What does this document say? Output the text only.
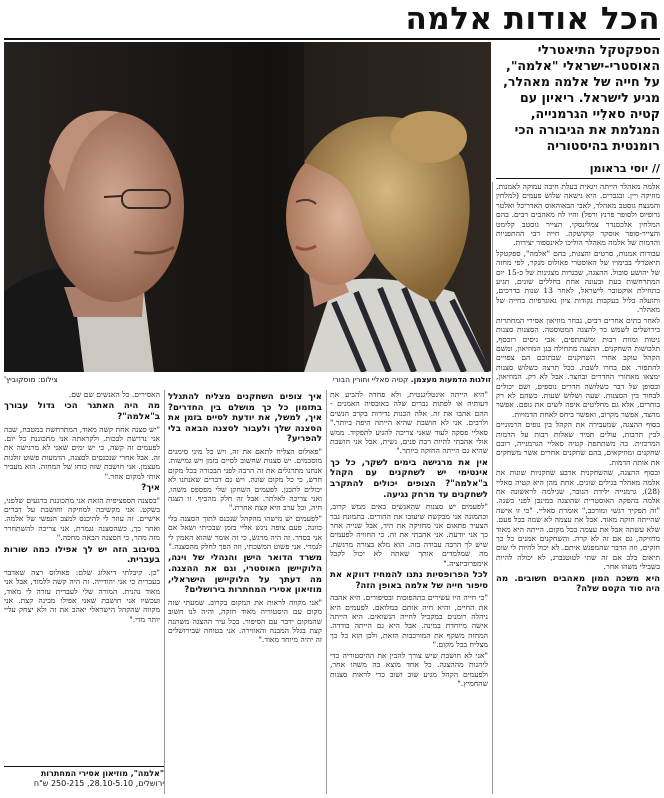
הכל אודות אלמה
זולגות הדמעות מעצמן. קטיה סאליי וחורין הבורי
צילום: מוסקוביץ'
הספקטקל התיאטרלי האוסטרי-ישראלי "אלמה", על חייה של אלמה מאהלר, מגיע לישראל. ריאיון עם קטיה סאלִיי הגרמנייה, המגלמת את הגיבורה הכי רומנטית בהיסטוריה
// יוסי בראומן

אלמה מאהלר הייתה ויגאית בעלת חיבה עמוקה לאמנות, מוזיקה ויין. ובגברים. היא נישאה שלוש פעמים (למלחין והמנצח גוסטב מאהלר, לאבי הבאוהאוס האדריכל ואלטר גרופיוס ולסופר פרנץ ורפל) והיו לה מאהבים רבים. בהם המלחין אלכסנדר צמלינסקי, הצייר גוסטב קלימט והצייר-סופר אוסקר קוקושקה. חייה רבי ההתפניות והדמות של אלמה מאהלר הוליכו לאינספור יצירות.

עבודות אמנות, סרטים והצגות, בהם "אלמה", ספקטקל תיאטרלי בבימויו של האוסטרי פאולוס מנקר, לפי מחזה של יהושע סובול. ההצגה, שבגרות מצגינות של כ-15 יום המתרחשות בעת ובעונה אחת בחללים שונים, תגיע בתחילת אוקטובר לישראל, לאחר 13 שנות בדרכים, ותועלה בליל בעקבות נקודות ציון גאוגרפיות בחייה של מאהלר.

לאחר בתים אחרים רבים, נבחר מוזיאון אסירי המחתרות בירושלים לשמש כר להצגה המטוסטה. הסצנות סצנות ניטות ומוות רבות ומשתתפים, אבי ניסים רובסף, תלבושות השחקנים. ההצגה מתחילה בגן המוזיאון, ומשם הקהל עוקב אחרי השחקנים שבתוכם הם צפויים להתפזר. אם בחרו לשבת. ככל תרצה כשלוש סצנות ימצאו מאחורי החדרים ובחצר. אבל לא רק. המוזיאון, ובסופן של דבר כשלושה חדרים נוספים, ושם יכולים לבחור בין הסצנות. שעה ושלוש שעות. כשהם לא רק בוחרים, אלא גם מחליטים איפה לשים את גופם. אפשר מהצד, אפשר מקרוב, ואפשר ביחס לאחת הדמויות.

בסוף ההצגה, שמעבירה את הקהל בין נופים הרמוניים לבין תרבות, עולים תמיד שאלות רבות על הדמות המרכזית. בה משתתפת קטיה סאליי הגרמנייה, רובם שחקנים ומוזיקאים, בהם שחקנים אחרים אשר משחקים את אותה הדמות.

ובסוף ההצגה, שהשחקנית ארבע שחקניות שונות את אלמה מאהלר בגילים שונים. אחת מהן היא קטיה סאליי (28), גרמנייה ילידת הנובר, שגילמה לראשונה את אלמה בהפקה האוסטרית שהוצגה במינכן לפני כשנה. "זה תפקיד רגשי ומורכב," אומרת סאליי. "כי זו אישה שהייתה חזקה מאוד. אבל את עצמה לא שמה בכל פעם. שלא עשתה אבל את עצמה בכל מקום. הייתה היא מאוד מחזיקה, גם אם זה לא קרה. והשחקנים אמנים כל כך חזקים, וזה הדבר שהמפגש איתם. לא יכול להיות לי שום תיאום בלב אם זה שתי לטוטנברג, לא יכולה להיות בשבילי משהו אחר.

היא משכה המון מאהבים חשובים. מה היה סוד הקסם שלה?

"היא הייתה אינטליגנטית, ולא פחדה להביע את דעותיה או לפתות גברים שלה באובסיה האמנים - ההם אהבו את זה. אלה הכנות נדירות בקרב הנשים ולרבים. אני לא חושבת שהיא הייתה היפה ביותר." סאליי פסקה לעוד שאני צריכה להגיע לתפקיד. ממש אולי אהבתי להיות רבת פנים, נשית, אבל אני חושבת שהיא גם הייתה החזקה ביותר."

אין את מרגישה בימים לשקר, כל כך אינטימי יש לשחקנים עם הקהל ב"אלמה"? הצופים יכולים להתקרב לשחקנים עד מרחק נגיעה.

"לפעמים יש סצנות שהאנשים באים ממש קרוב, ובתמונה אני מבקשת שיעזבו את ההורים. בתמונת גבר הצעיר פתאום אני מחזיקה את היד, אבל שנייה אחר כך אני יודעת. אני אהבתי את זה. כי החוויה לפעמים שיש לך הרבה עבודה בזה. הוא מלא בצורה מרגשת. מה שמלמדים אותך שאתה לא יכול לקבל אימפרוביזציה."

לכל הפרופסיות נתנו להמחיז דווקא את סיפור חייה של אלמה באופן הזה?

"כי חייה היו עשירים בתהפוכות ובסיפורים. היא אהבה את החיים, והיא חיה אותם במלואם. לפעמים היא ניהלה רומנים במקביל לחייה הנשואים. היא הייתה אישה מיוחדת במינה. אבל היא גם הייתה בודדה. המחזה משקף את המורכבות הזאת, ולכן הוא כל כך מצליח בכל מקום."

"אני לא חושבת שיש צורך להבין את ההיסטוריה כדי ליהנות מההצגה. כל אחד מוצא בה משהו אחר, ולפעמים הקהל מגיע שוב ושוב כדי לראות סצנות שהחמיץ."

איך צופים השחקנים מצליח להתגלל בתזמון כל כך מושלם בין החדרים? איך, למשל, את יודעת לסיים בזמן את הסצנה שלך ולעבור לסצנה הבאה בלי להפריע?

"פאולוס הצליח לתאם את זה, ויש כל מיני סימנים מוסכמים. יש סצנות שחשוב לסיים בזמן ויש גמישות. אנחנו מתרגלים את זה הרבה לפני הבכורה בכל מקום חדש, כי כל מקום שונה. ויש גם דברים שאנחנו לא יכולים לתכנן. לפעמים השחקן שלי מפספס משהו, ואני צריכה לאלתר. אבל זה חלק מהכיף. זו הצגה חיה, וכל ערב היא קצת אחרת."

"לפעמים יש מישהו מהקהל שנכנס לתוך הסצנה בלי כוונה. פעם צופה ניגש אליי בזמן שבכיתי ושאל אם אני בסדר. זה היה מרגש, כי זה אומר שהוא האמין לי לגמרי. אני פשוט המשכתי, וזה הפך לחלק מהסצנה."

משרד הדואר הישן והנהלי של וינה, הלוקיישן האוסטרי, וגם את ההצגה. מה דעתך על הלוקיישן הישראלי, מוזיאון אסירי המחתרות בירושלים?

"אני מקווה לראות את המקום בקרוב. שמעתי שזה מקום עם היסטוריה מאוד חזקה, והיה לנו חשוב שהמקום ידבר עם הסיפור. בכל עיר ההצגה משתנה קצת בגלל המבנה והאווירה. אני בטוחה שבירושלים זה יהיה מיוחד מאוד."

האסירים. כל האנשים שם שם.

מה היה האתגר הכי גדול עבורך ב"אלמה"?

"יש סצנה אחת קשה מאוד, המתרחשת במטבח, שבה אני נדרשת לבכות. ולקראתה אני מתכוננת כל יום. לפעמים זה קשה, כי יש ימים שאני לא מרגישה את זה. אבל אחרי שנכנסים לסצנה, הדמעות פשוט זולגות מעצמן. אני חושבת שזה כוחו של המחזה. הוא מעביר אותי למקום אחר."

איך?

"בסצנה הספציפית הזאת אני מתכוננת ברגעים שלפני, בשקט. אני מקשיבה למוזיקה וחושבת על דברים אישיים. זה עוזר לי להיכנס למצב הנפשי של אלמה. ואחר כך, כשהסצנה נגמרת, אני צריכה להשתחרר מזה מהר, כי הסצנה הבאה מחכה."

בסיבוב הזה יש לך אפילו כמה שורות בעברית.

"כן. קיבלתי דיאלוג שלם: פאולוס רצה שאדבר בעברית כי אני יהודייה. זה היה קשה ללמוד, אבל אני מאוד נהנית. המורה שלי לעברית עזרה לי מאוד, ועכשיו אני חושבת שאני אפילו מבינה קצת. אני מקווה שהקהל הישראלי יאהב את זה ולא יצחק עליי יותר מדי."

"אלמה", מוזיאון אסירי המחתרות
ירושלים, 28.10-5.10, 250-215 ש"ח
